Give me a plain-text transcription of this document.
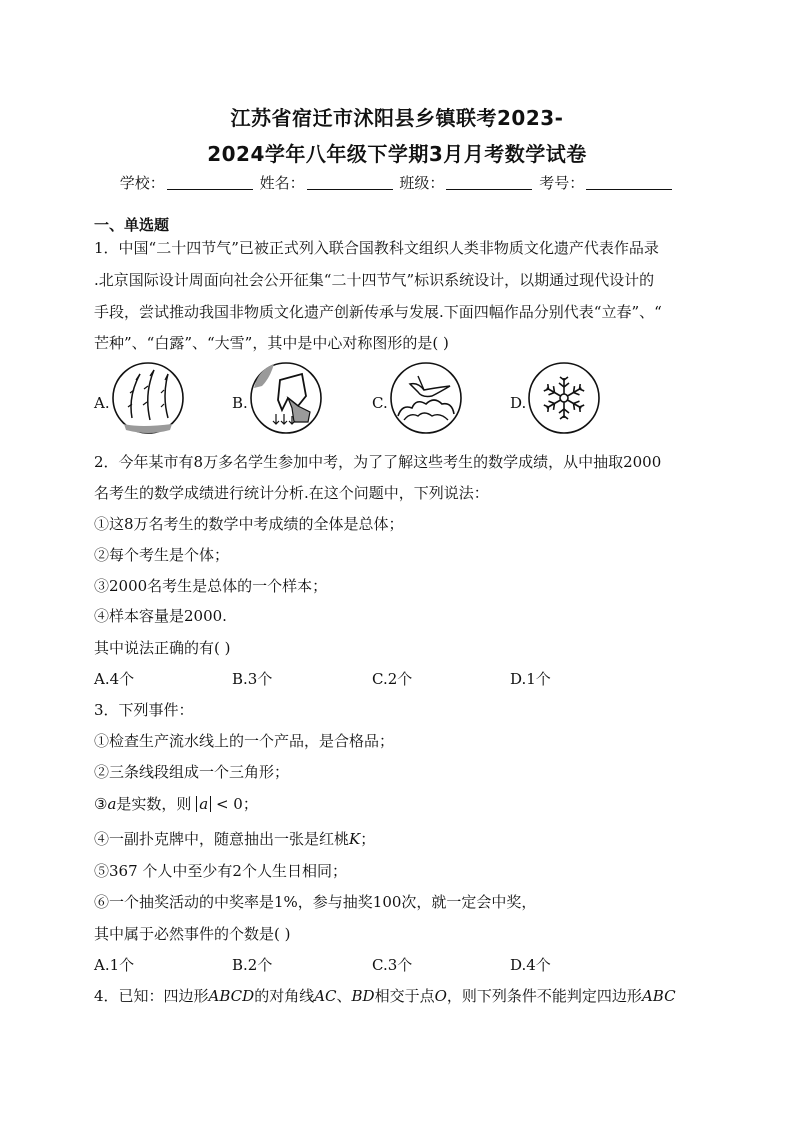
江苏省宿迁市沭阳县乡镇联考2023-
2024学年八年级下学期3月月考数学试卷
学校：	姓名：	班级：	考号：
一、单选题
1．中国“二十四节气”已被正式列入联合国教科文组织人类非物质文化遗产代表作品录
.北京国际设计周面向社会公开征集“二十四节气”标识系统设计，以期通过现代设计的
手段，尝试推动我国非物质文化遗产创新传承与发展.下面四幅作品分别代表“立春”、“
芒种”、“白露”、“大雪”，其中是中心对称图形的是( )
A.	B.	C.	D.
2．今年某市有8万多名学生参加中考，为了了解这些考生的数学成绩，从中抽取2000
名考生的数学成绩进行统计分析.在这个问题中，下列说法：
①这8万名考生的数学中考成绩的全体是总体；
②每个考生是个体；
③2000名考生是总体的一个样本；
④样本容量是2000.
其中说法正确的有( )
A.4个	B.3个	C.2个	D.1个
3．下列事件：
①检查生产流水线上的一个产品，是合格品；
②三条线段组成一个三角形；
③a是实数，则 a < 0；
④一副扑克牌中，随意抽出一张是红桃K；
⑤367 个人中至少有2个人生日相同；
⑥一个抽奖活动的中奖率是1%，参与抽奖100次，就一定会中奖，
其中属于必然事件的个数是( )
A.1个	B.2个	C.3个	D.4个
4．已知：四边形ABCD的对角线AC、BD相交于点O，则下列条件不能判定四边形ABC
